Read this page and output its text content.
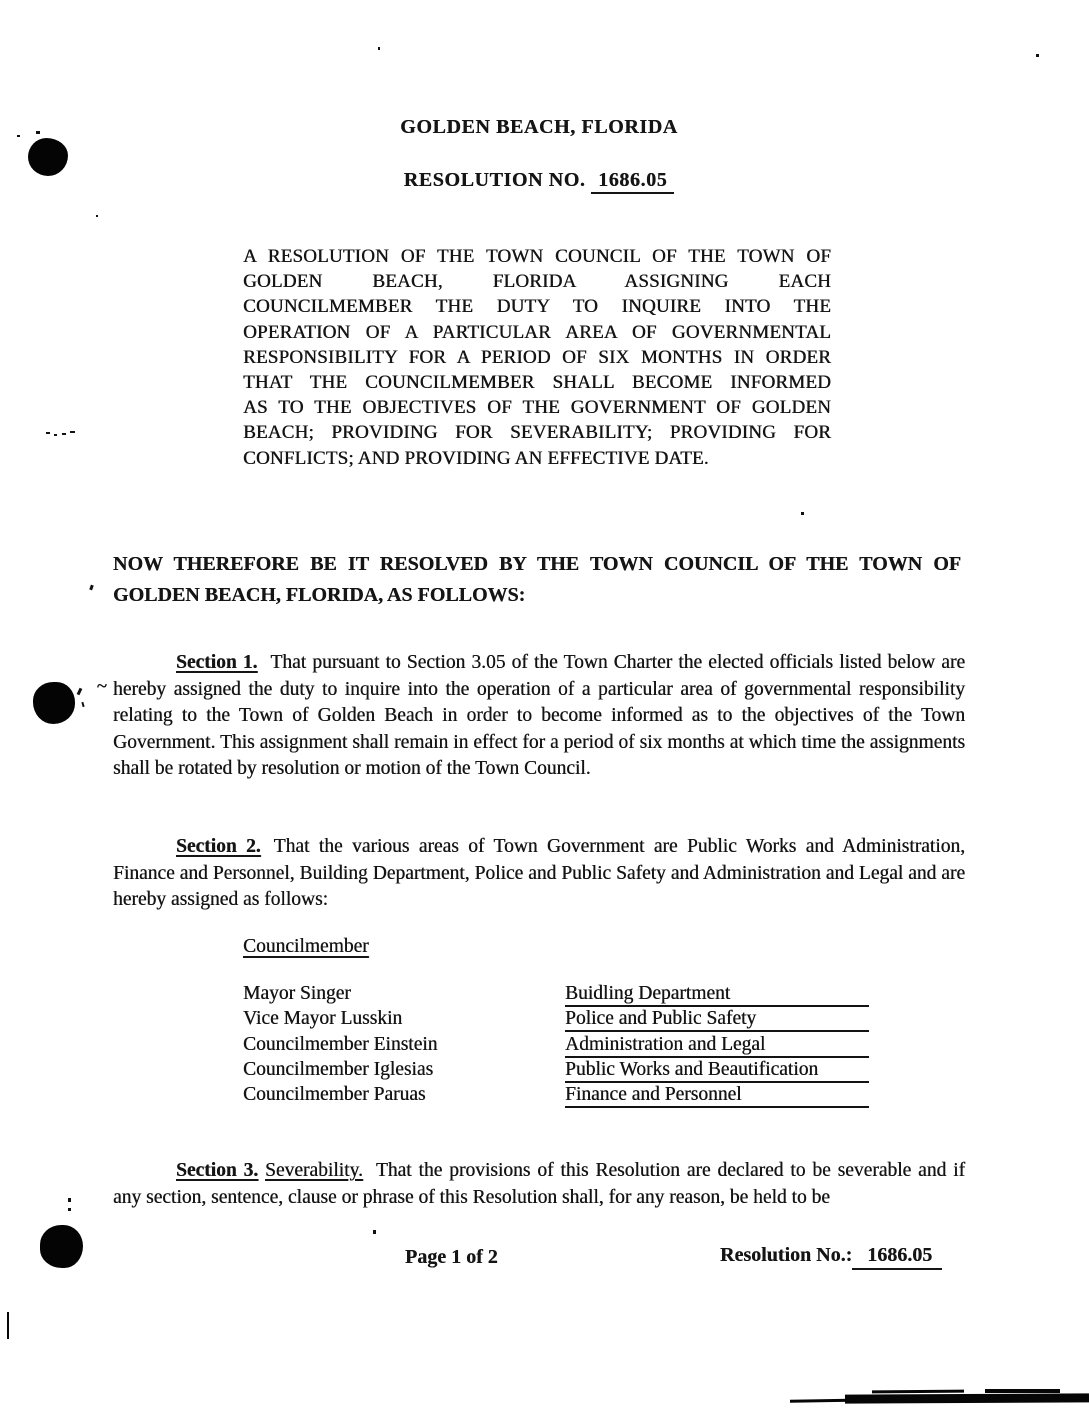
GOLDEN BEACH, FLORIDA
RESOLUTION NO. 1686.05
A RESOLUTION OF THE TOWN COUNCIL OF THE TOWN OF
GOLDEN BEACH, FLORIDA ASSIGNING EACH
COUNCILMEMBER THE DUTY TO INQUIRE INTO THE
OPERATION OF A PARTICULAR AREA OF GOVERNMENTAL
RESPONSIBILITY FOR A PERIOD OF SIX MONTHS IN ORDER
THAT THE COUNCILMEMBER SHALL BECOME INFORMED
AS TO THE OBJECTIVES OF THE GOVERNMENT OF GOLDEN
BEACH; PROVIDING FOR SEVERABILITY; PROVIDING FOR
CONFLICTS; AND PROVIDING AN EFFECTIVE DATE.
NOW THEREFORE BE IT RESOLVED BY THE TOWN COUNCIL OF THE TOWN OF
GOLDEN BEACH, FLORIDA, AS FOLLOWS:
Section 1. That pursuant to Section 3.05 of the Town Charter the elected officials listed below are hereby assigned the duty to inquire into the operation of a particular area of governmental responsibility relating to the Town of Golden Beach in order to become informed as to the objectives of the Town Government. This assignment shall remain in effect for a period of six months at which time the assignments shall be rotated by resolution or motion of the Town Council.
Section 2. That the various areas of Town Government are Public Works and Administration, Finance and Personnel, Building Department, Police and Public Safety and Administration and Legal and are hereby assigned as follows:
Councilmember
Mayor Singer	Buidling Department
Vice Mayor Lusskin	Police and Public Safety
Councilmember Einstein	Administration and Legal
Councilmember Iglesias	Public Works and Beautification
Councilmember Paruas	Finance and Personnel
Section 3. Severability. That the provisions of this Resolution are declared to be severable and if any section, sentence, clause or phrase of this Resolution shall, for any reason, be held to be
Page 1 of 2	Resolution No.: 1686.05
~
